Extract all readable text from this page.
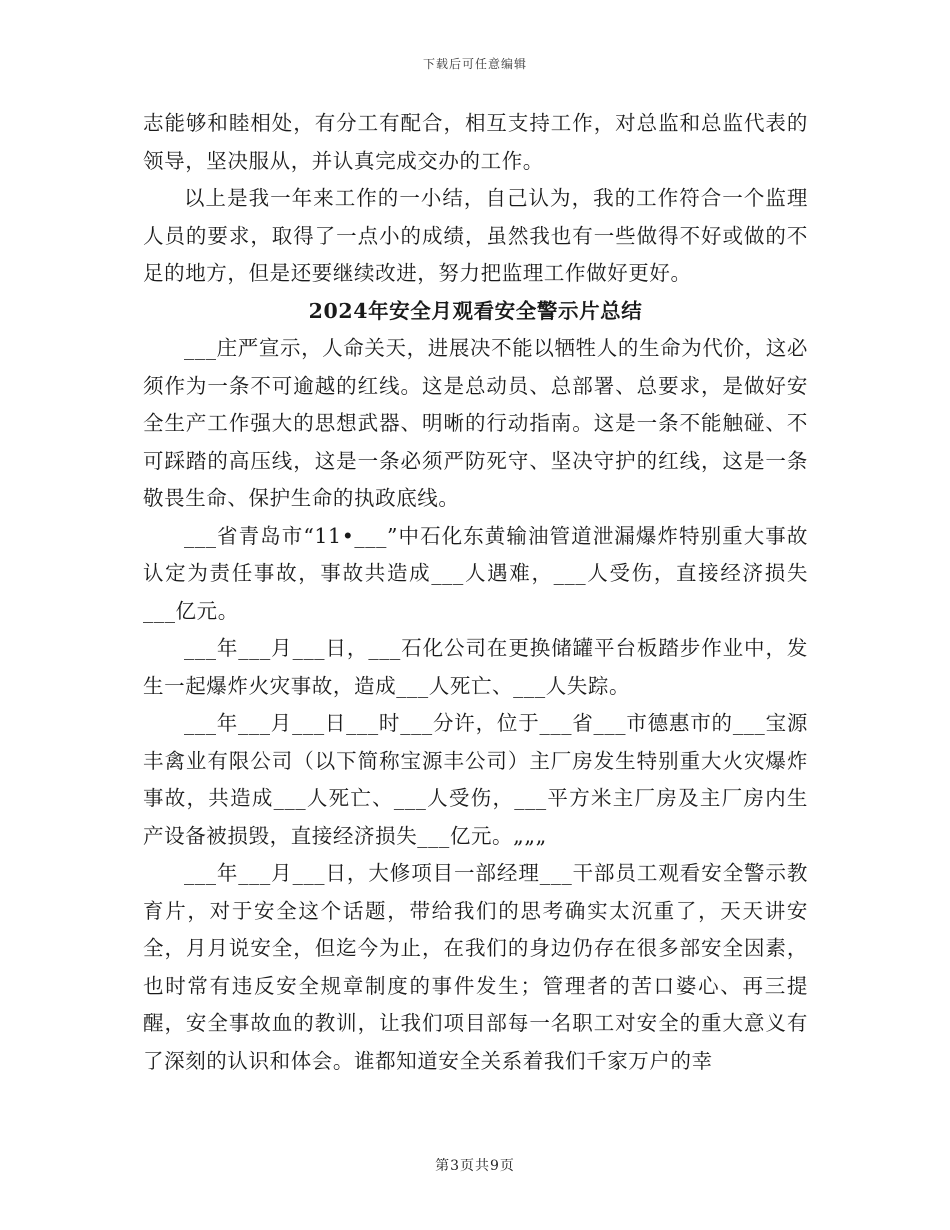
下载后可任意编辑

志能够和睦相处，有分工有配合，相互支持工作，对总监和总监代表的领导，坚决服从，并认真完成交办的工作。

以上是我一年来工作的一小结，自己认为，我的工作符合一个监理人员的要求，取得了一点小的成绩，虽然我也有一些做得不好或做的不足的地方，但是还要继续改进，努力把监理工作做好更好。

2024年安全月观看安全警示片总结

___庄严宣示，人命关天，进展决不能以牺牲人的生命为代价，这必须作为一条不可逾越的红线。这是总动员、总部署、总要求，是做好安全生产工作强大的思想武器、明晰的行动指南。这是一条不能触碰、不可踩踏的高压线，这是一条必须严防死守、坚决守护的红线，这是一条敬畏生命、保护生命的执政底线。

___省青岛市“11•___”中石化东黄输油管道泄漏爆炸特别重大事故认定为责任事故，事故共造成___人遇难，___人受伤，直接经济损失___亿元。

___年___月___日，___石化公司在更换储罐平台板踏步作业中，发生一起爆炸火灾事故，造成___人死亡、___人失踪。

___年___月___日___时___分许，位于___省___市德惠市的___宝源丰禽业有限公司（以下简称宝源丰公司）主厂房发生特别重大火灾爆炸事故，共造成___人死亡、___人受伤，___平方米主厂房及主厂房内生产设备被损毁，直接经济损失___亿元。„„„

___年___月___日，大修项目一部经理___干部员工观看安全警示教育片，对于安全这个话题，带给我们的思考确实太沉重了，天天讲安全，月月说安全，但迄今为止，在我们的身边仍存在很多部安全因素，也时常有违反安全规章制度的事件发生；管理者的苦口婆心、再三提醒，安全事故血的教训，让我们项目部每一名职工对安全的重大意义有了深刻的认识和体会。谁都知道安全关系着我们千家万户的幸

第3页共9页
